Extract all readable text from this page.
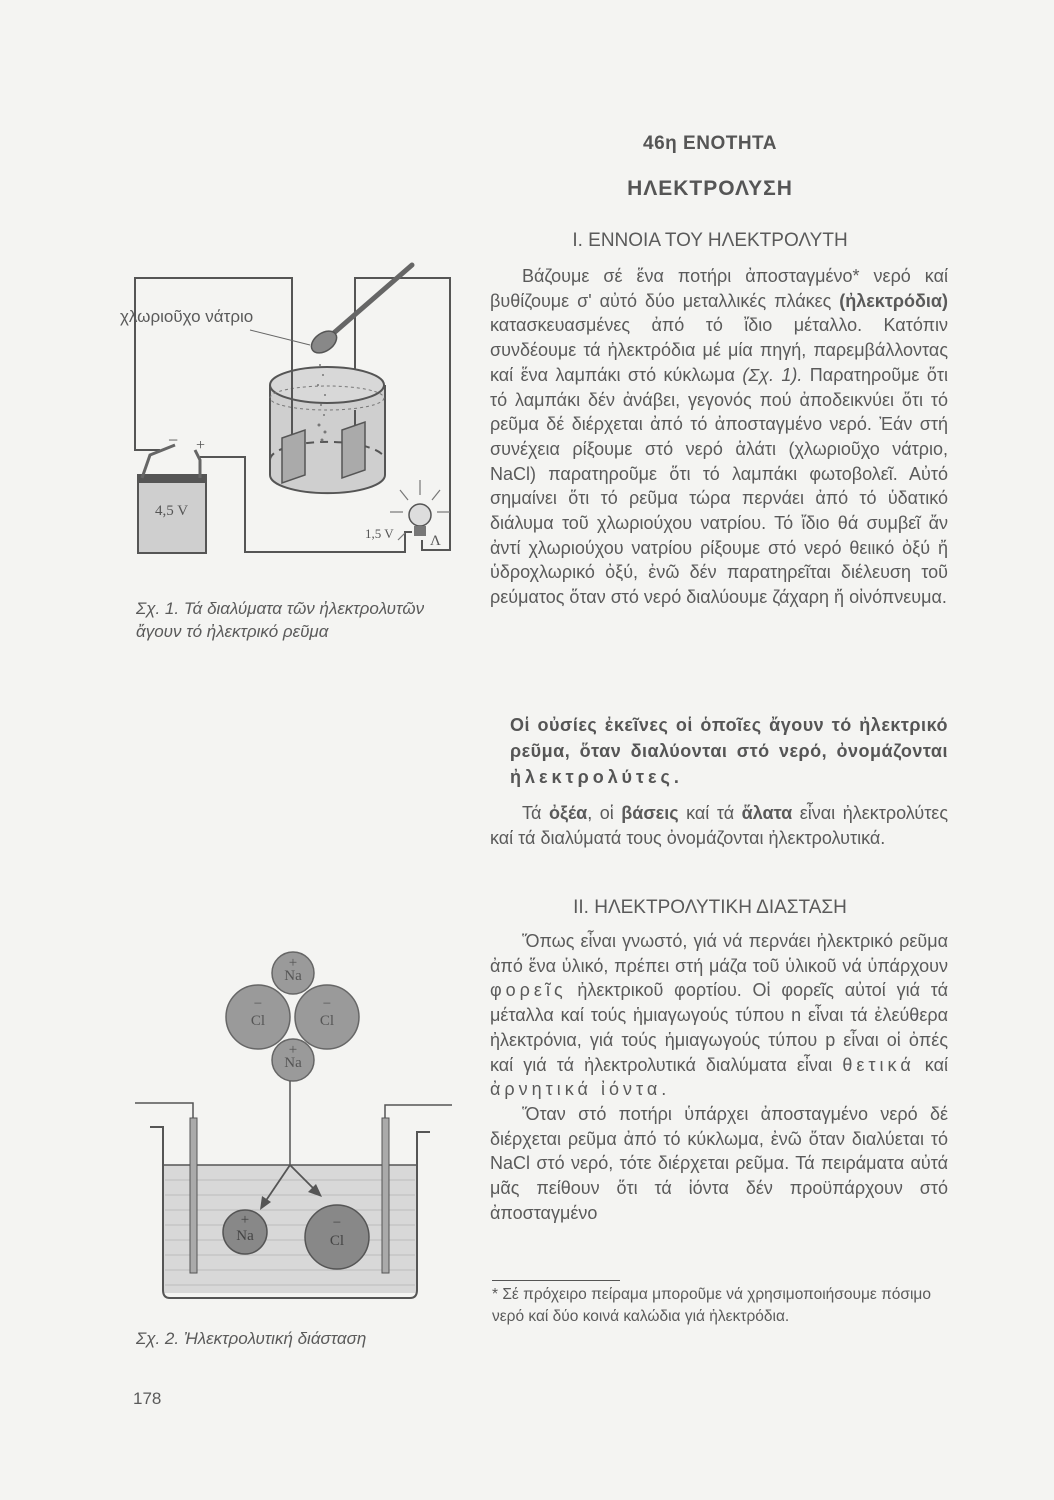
46η ΕΝΟΤΗΤΑ
ΗΛΕΚΤΡΟΛΥΣΗ
Ι. ΕΝΝΟΙΑ ΤΟΥ ΗΛΕΚΤΡΟΛΥΤΗ

Βάζουμε σέ ἕνα ποτήρι ἀποσταγμένο* νερό καί βυθίζουμε σ' αὐτό δύο μεταλλικές πλάκες (ἠλεκτρόδια) κατασκευασμένες ἀπό τό ἴδιο μέταλλο. Κατόπιν συνδέουμε τά ἠλεκτρόδια μέ μία πηγή, παρεμβάλλοντας καί ἕνα λαμπάκι στό κύκλωμα (Σχ. 1). Παρατηροῦμε ὅτι τό λαμπάκι δέν ἀνάβει, γεγονός πού ἀποδεικνύει ὅτι τό ρεῦμα δέ διέρχεται ἀπό τό ἀποσταγμένο νερό. Ἐάν στή συνέχεια ρίξουμε στό νερό ἁλάτι (χλωριοῦχο νάτριο, NaCl) παρατηροῦμε ὅτι τό λαμπάκι φωτοβολεῖ. Αὐτό σημαίνει ὅτι τό ρεῦμα τώρα περνάει ἀπό τό ὑδατικό διάλυμα τοῦ χλωριούχου νατρίου. Τό ἴδιο θά συμβεῖ ἄν ἀντί χλωριούχου νατρίου ρίξουμε στό νερό θειικό ὀξύ ἤ ὑδροχλωρικό ὀξύ, ἐνῶ δέν παρατηρεῖται διέλευση τοῦ ρεύματος ὅταν στό νερό διαλύουμε ζάχαρη ἤ οἰνόπνευμα.

Οἱ οὐσίες ἐκεῖνες οἱ ὁποῖες ἄγουν τό ἠλεκτρικό ρεῦμα, ὅταν διαλύονται στό νερό, ὀνομάζονται ἠλεκτρολύτες.

Τά ὀξέα, οἱ βάσεις καί τά ἅλατα εἶναι ἠλεκτρολύτες καί τά διαλύματά τους ὀνομάζονται ἠλεκτρολυτικά.

ΙΙ. ΗΛΕΚΤΡΟΛΥΤΙΚΗ ΔΙΑΣΤΑΣΗ

Ὅπως εἶναι γνωστό, γιά νά περνάει ἠλεκτρικό ρεῦμα ἀπό ἕνα ὑλικό, πρέπει στή μάζα τοῦ ὑλικοῦ νά ὑπάρχουν φορεῖς ἠλεκτρικοῦ φορτίου. Οἱ φορεῖς αὐτοί γιά τά μέταλλα καί τούς ἡμιαγωγούς τύπου n εἶναι τά ἐλεύθερα ἠλεκτρόνια, γιά τούς ἡμιαγωγούς τύπου p εἶναι οἱ ὀπές καί γιά τά ἠλεκτρολυτικά διαλύματα εἶναι θετικά καί ἀρνητικά ἰόντα.

Ὅταν στό ποτήρι ὑπάρχει ἀποσταγμένο νερό δέ διέρχεται ρεῦμα ἀπό τό κύκλωμα, ἐνῶ ὅταν διαλύεται τό NaCl στό νερό, τότε διέρχεται ρεῦμα. Τά πειράματα αὐτά μᾶς πείθουν ὅτι τά ἰόντα δέν προϋπάρχουν στό ἀποσταγμένο

* Σέ πρόχειρο πείραμα μποροῦμε νά χρησιμοποιήσουμε πόσιμο νερό καί δύο κοινά καλώδια γιά ἠλεκτρόδια.
χλωριοῦχο νάτριο
4,5 V
− +
1,5 V Λ
Σχ. 1. Τά διαλύματα τῶν ἠλεκτρολυτῶν ἄγουν τό ἠλεκτρικό ρεῦμα
Na
+
Cl
−
Cl
−
Na
+
Na
+
Cl
−
Σχ. 2. Ἠλεκτρολυτική διάσταση
178
